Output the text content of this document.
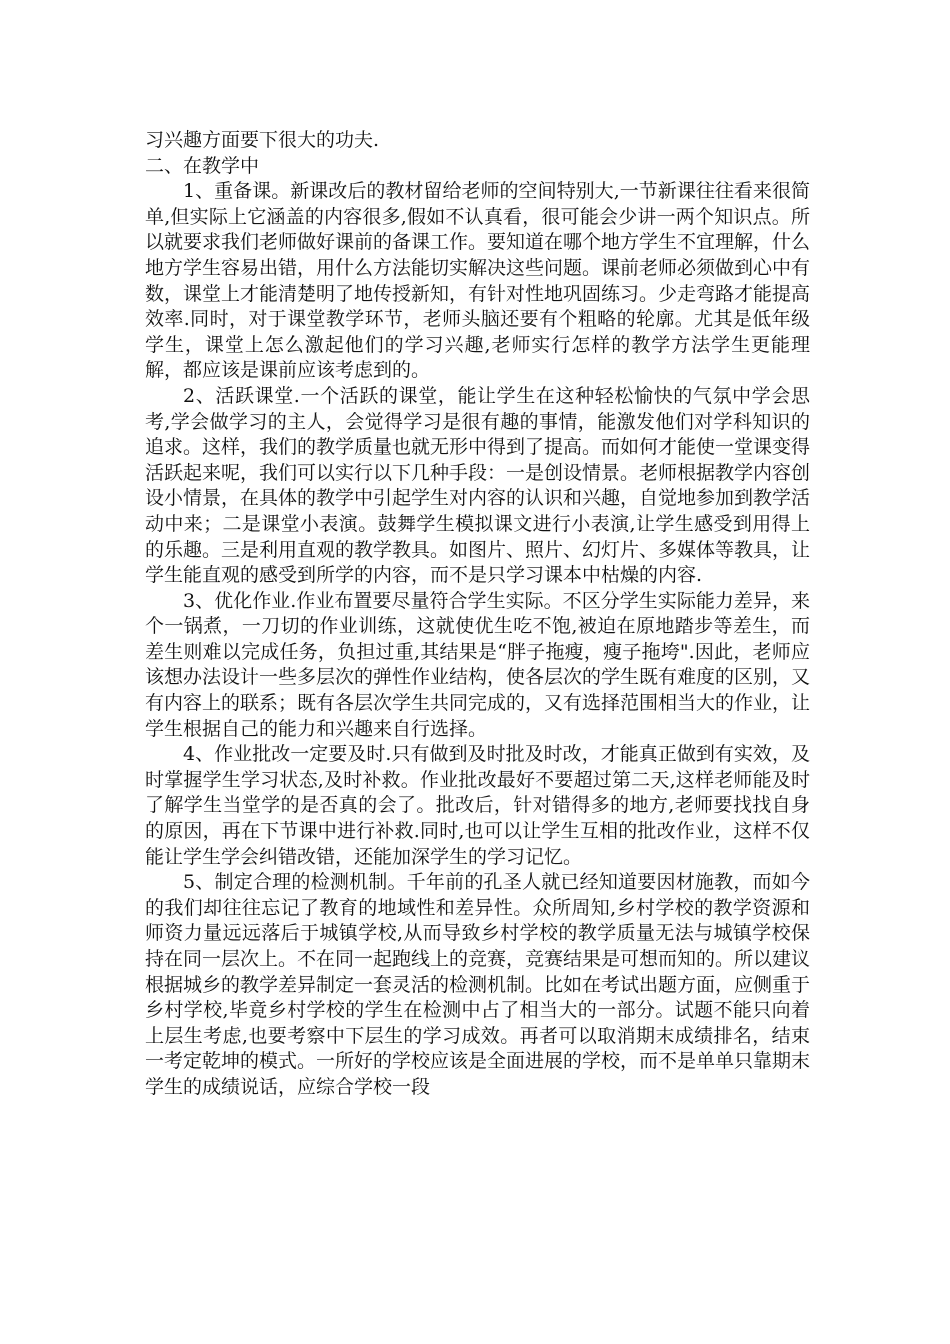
习兴趣方面要下很大的功夫.

二、在教学中

1、重备课。新课改后的教材留给老师的空间特别大,一节新课往往看来很简单,但实际上它涵盖的内容很多,假如不认真看，很可能会少讲一两个知识点。所以就要求我们老师做好课前的备课工作。要知道在哪个地方学生不宜理解，什么地方学生容易出错，用什么方法能切实解决这些问题。课前老师必须做到心中有数，课堂上才能清楚明了地传授新知，有针对性地巩固练习。少走弯路才能提高效率.同时，对于课堂教学环节，老师头脑还要有个粗略的轮廓。尤其是低年级学生，课堂上怎么激起他们的学习兴趣,老师实行怎样的教学方法学生更能理解，都应该是课前应该考虑到的。

2、活跃课堂.一个活跃的课堂，能让学生在这种轻松愉快的气氛中学会思考,学会做学习的主人，会觉得学习是很有趣的事情，能激发他们对学科知识的追求。这样，我们的教学质量也就无形中得到了提高。而如何才能使一堂课变得活跃起来呢，我们可以实行以下几种手段：一是创设情景。老师根据教学内容创设小情景，在具体的教学中引起学生对内容的认识和兴趣，自觉地参加到教学活动中来；二是课堂小表演。鼓舞学生模拟课文进行小表演,让学生感受到用得上的乐趣。三是利用直观的教学教具。如图片、照片、幻灯片、多媒体等教具，让学生能直观的感受到所学的内容，而不是只学习课本中枯燥的内容.

3、优化作业.作业布置要尽量符合学生实际。不区分学生实际能力差异，来个一锅煮，一刀切的作业训练，这就使优生吃不饱,被迫在原地踏步等差生，而差生则难以完成任务，负担过重,其结果是“胖子拖瘦，瘦子拖垮".因此，老师应该想办法设计一些多层次的弹性作业结构，使各层次的学生既有难度的区别，又有内容上的联系；既有各层次学生共同完成的，又有选择范围相当大的作业，让学生根据自己的能力和兴趣来自行选择。

4、作业批改一定要及时.只有做到及时批及时改，才能真正做到有实效，及时掌握学生学习状态,及时补救。作业批改最好不要超过第二天,这样老师能及时了解学生当堂学的是否真的会了。批改后，针对错得多的地方,老师要找找自身的原因，再在下节课中进行补救.同时,也可以让学生互相的批改作业，这样不仅能让学生学会纠错改错，还能加深学生的学习记忆。

5、制定合理的检测机制。千年前的孔圣人就已经知道要因材施教，而如今的我们却往往忘记了教育的地域性和差异性。众所周知,乡村学校的教学资源和师资力量远远落后于城镇学校,从而导致乡村学校的教学质量无法与城镇学校保持在同一层次上。不在同一起跑线上的竞赛，竞赛结果是可想而知的。所以建议根据城乡的教学差异制定一套灵活的检测机制。比如在考试出题方面，应侧重于乡村学校,毕竟乡村学校的学生在检测中占了相当大的一部分。试题不能只向着上层生考虑,也要考察中下层生的学习成效。再者可以取消期末成绩排名，结束一考定乾坤的模式。一所好的学校应该是全面进展的学校，而不是单单只靠期末学生的成绩说话，应综合学校一段
